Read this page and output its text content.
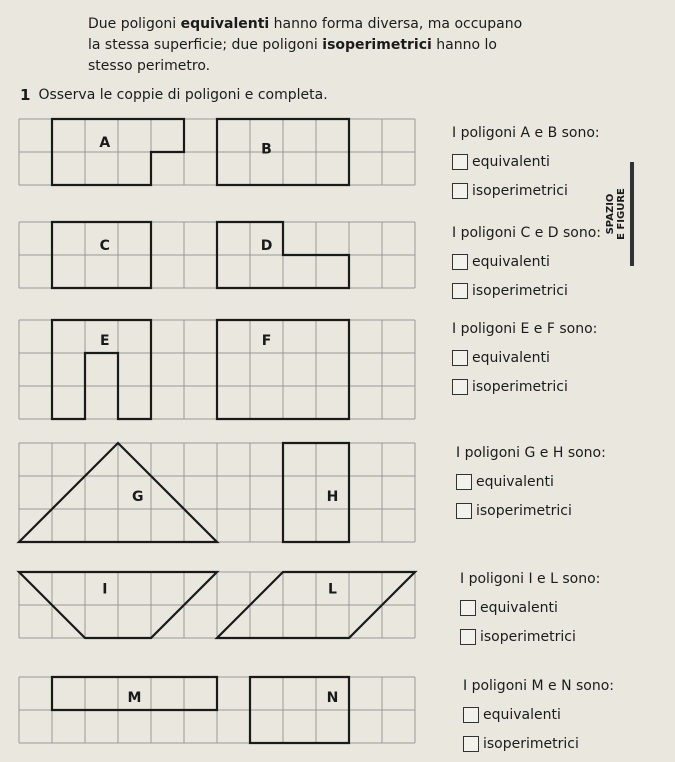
Due poligoni equivalenti hanno forma diversa, ma occupano la stessa superficie; due poligoni isoperimetrici hanno lo stesso perimetro.
1 Osserva le coppie di poligoni e completa.
A	B
C	D
E	F
G	H
I	L
M	N
I poligoni A e B sono:
equivalenti
isoperimetrici
I poligoni C e D sono:
equivalenti
isoperimetrici
I poligoni E e F sono:
equivalenti
isoperimetrici
I poligoni G e H sono:
equivalenti
isoperimetrici
I poligoni I e L sono:
equivalenti
isoperimetrici
I poligoni M e N sono:
equivalenti
isoperimetrici
SPAZIO
E FIGURE
